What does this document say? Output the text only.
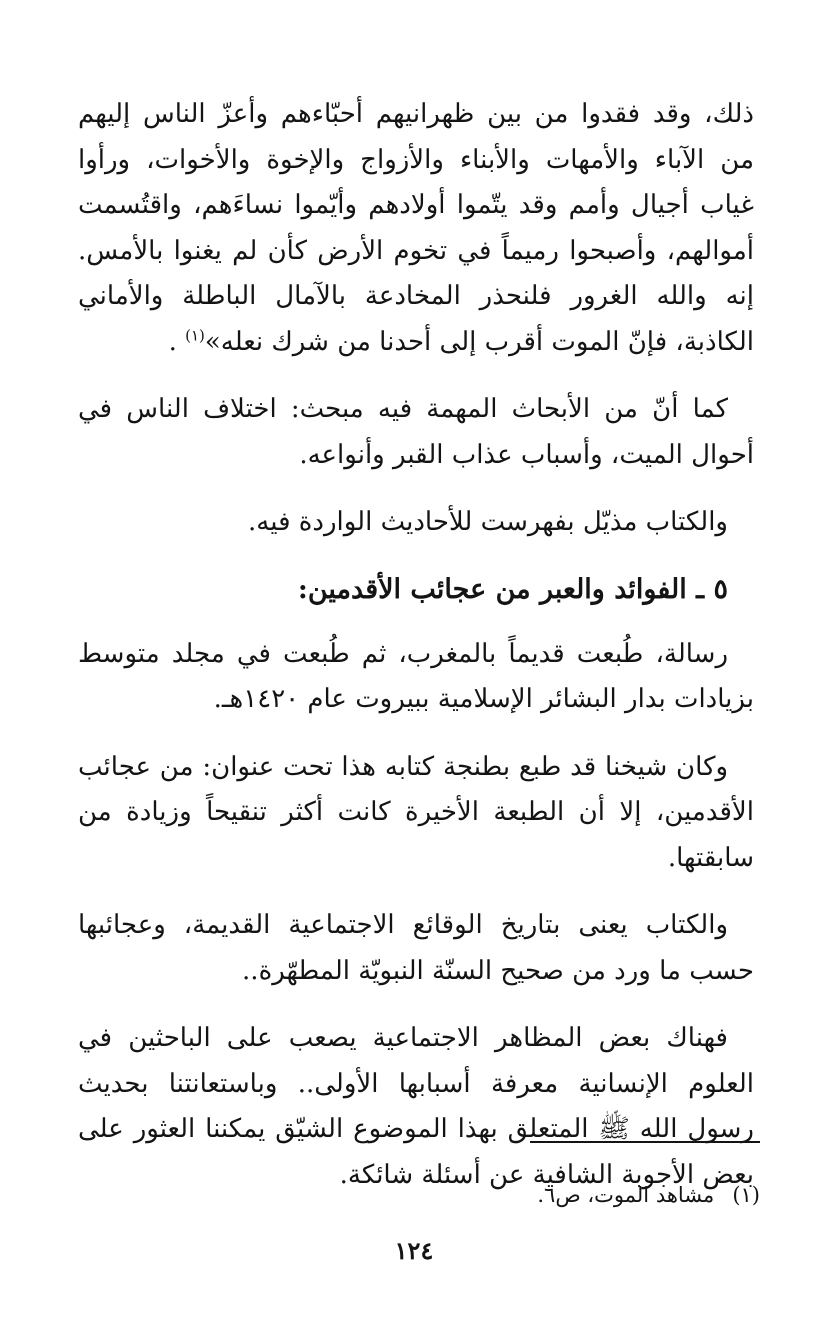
ذلك، وقد فقدوا من بين ظهرانيهم أحبّاءهم وأعزّ الناس إليهم من الآباء والأمهات والأبناء والأزواج والإخوة والأخوات، ورأوا غياب أجيال وأمم وقد يتّموا أولادهم وأيّموا نساءَهم، واقتُسمت أموالهم، وأصبحوا رميماً في تخوم الأرض كأن لم يغنوا بالأمس. إنه والله الغرور فلنحذر المخادعة بالآمال الباطلة والأماني الكاذبة، فإنّ الموت أقرب إلى أحدنا من شرك نعله»$^{(١)}$ .

كما أنّ من الأبحاث المهمة فيه مبحث: اختلاف الناس في أحوال الميت، وأسباب عذاب القبر وأنواعه.

والكتاب مذيّل بفهرست للأحاديث الواردة فيه.

٥ ـ الفوائد والعبر من عجائب الأقدمين:

رسالة، طُبعت قديماً بالمغرب، ثم طُبعت في مجلد متوسط بزيادات بدار البشائر الإسلامية ببيروت عام ١٤٢٠هـ.

وكان شيخنا قد طبع بطنجة كتابه هذا تحت عنوان: من عجائب الأقدمين، إلا أن الطبعة الأخيرة كانت أكثر تنقيحاً وزيادة من سابقتها.

والكتاب يعنى بتاريخ الوقائع الاجتماعية القديمة، وعجائبها حسب ما ورد من صحيح السنّة النبويّة المطهّرة..

فهناك بعض المظاهر الاجتماعية يصعب على الباحثين في العلوم الإنسانية معرفة أسبابها الأولى.. وباستعانتنا بحديث رسول الله ﷺ المتعلق بهذا الموضوع الشيّق يمكننا العثور على بعض الأجوبة الشافية عن أسئلة شائكة.

(١)مشاهد الموت، ص٦.
١٢٤
